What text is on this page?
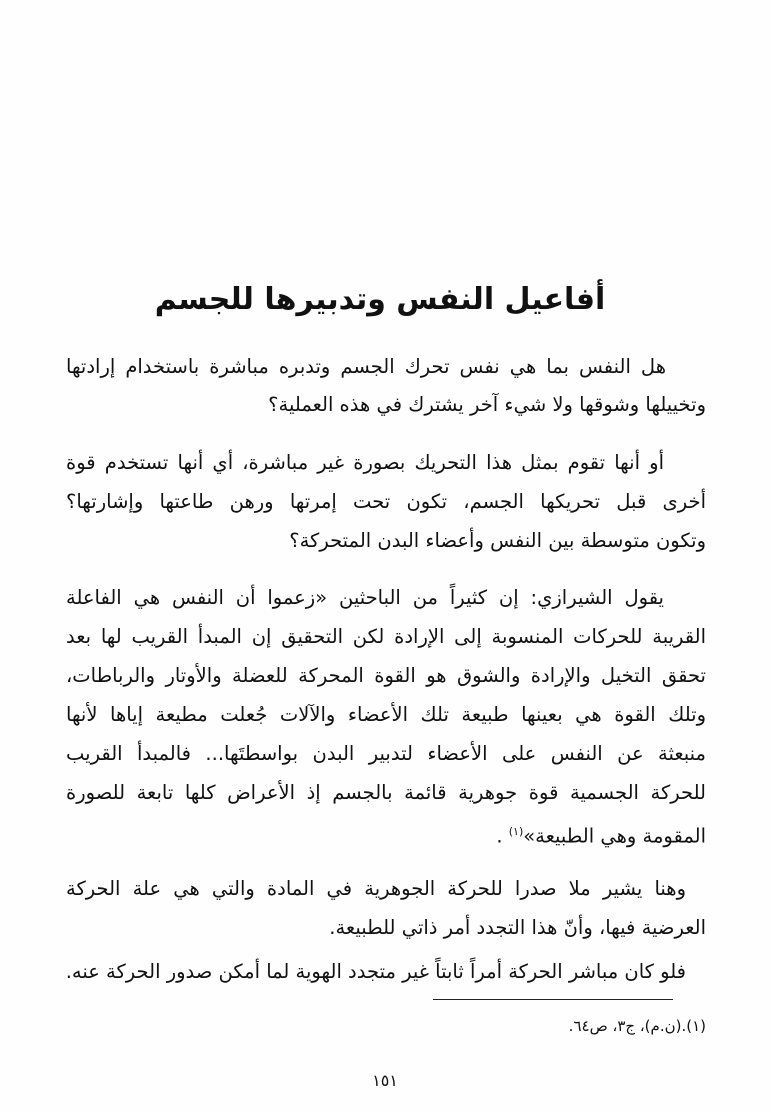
أفاعيل النفس وتدبيرها للجسم
هل النفس بما هي نفس تحرك الجسم وتدبره مباشرة باستخدام إرادتها
وتخييلها وشوقها ولا شيء آخر يشترك في هذه العملية؟
أو أنها تقوم بمثل هذا التحريك بصورة غير مباشرة، أي أنها تستخدم قوة
أخرى قبل تحريكها الجسم، تكون تحت إمرتها ورهن طاعتها وإشارتها؟
وتكون متوسطة بين النفس وأعضاء البدن المتحركة؟
يقول الشيرازي: إن كثيراً من الباحثين «زعموا أن النفس هي الفاعلة
القريبة للحركات المنسوبة إلى الإرادة لكن التحقيق إن المبدأ القريب لها بعد
تحقق التخيل والإرادة والشوق هو القوة المحركة للعضلة والأوتار والرباطات،
وتلك القوة هي بعينها طبيعة تلك الأعضاء والآلات جُعلت مطيعة إياها لأنها
منبعثة عن النفس على الأعضاء لتدبير البدن بواسطتَها... فالمبدأ القريب
للحركة الجسمية قوة جوهرية قائمة بالجسم إذ الأعراض كلها تابعة للصورة
المقومة وهي الطبيعة»$^{(١)}$ .
وهنا يشير ملا صدرا للحركة الجوهرية في المادة والتي هي علة الحركة
العرضية فيها، وأنّ هذا التجدد أمر ذاتي للطبيعة.
فلو كان مباشر الحركة أمراً ثابتاً غير متجدد الهوية لما أمكن صدور الحركة عنه.
(١).(ن.م)، ج٣، ص٦٤.
١٥١
